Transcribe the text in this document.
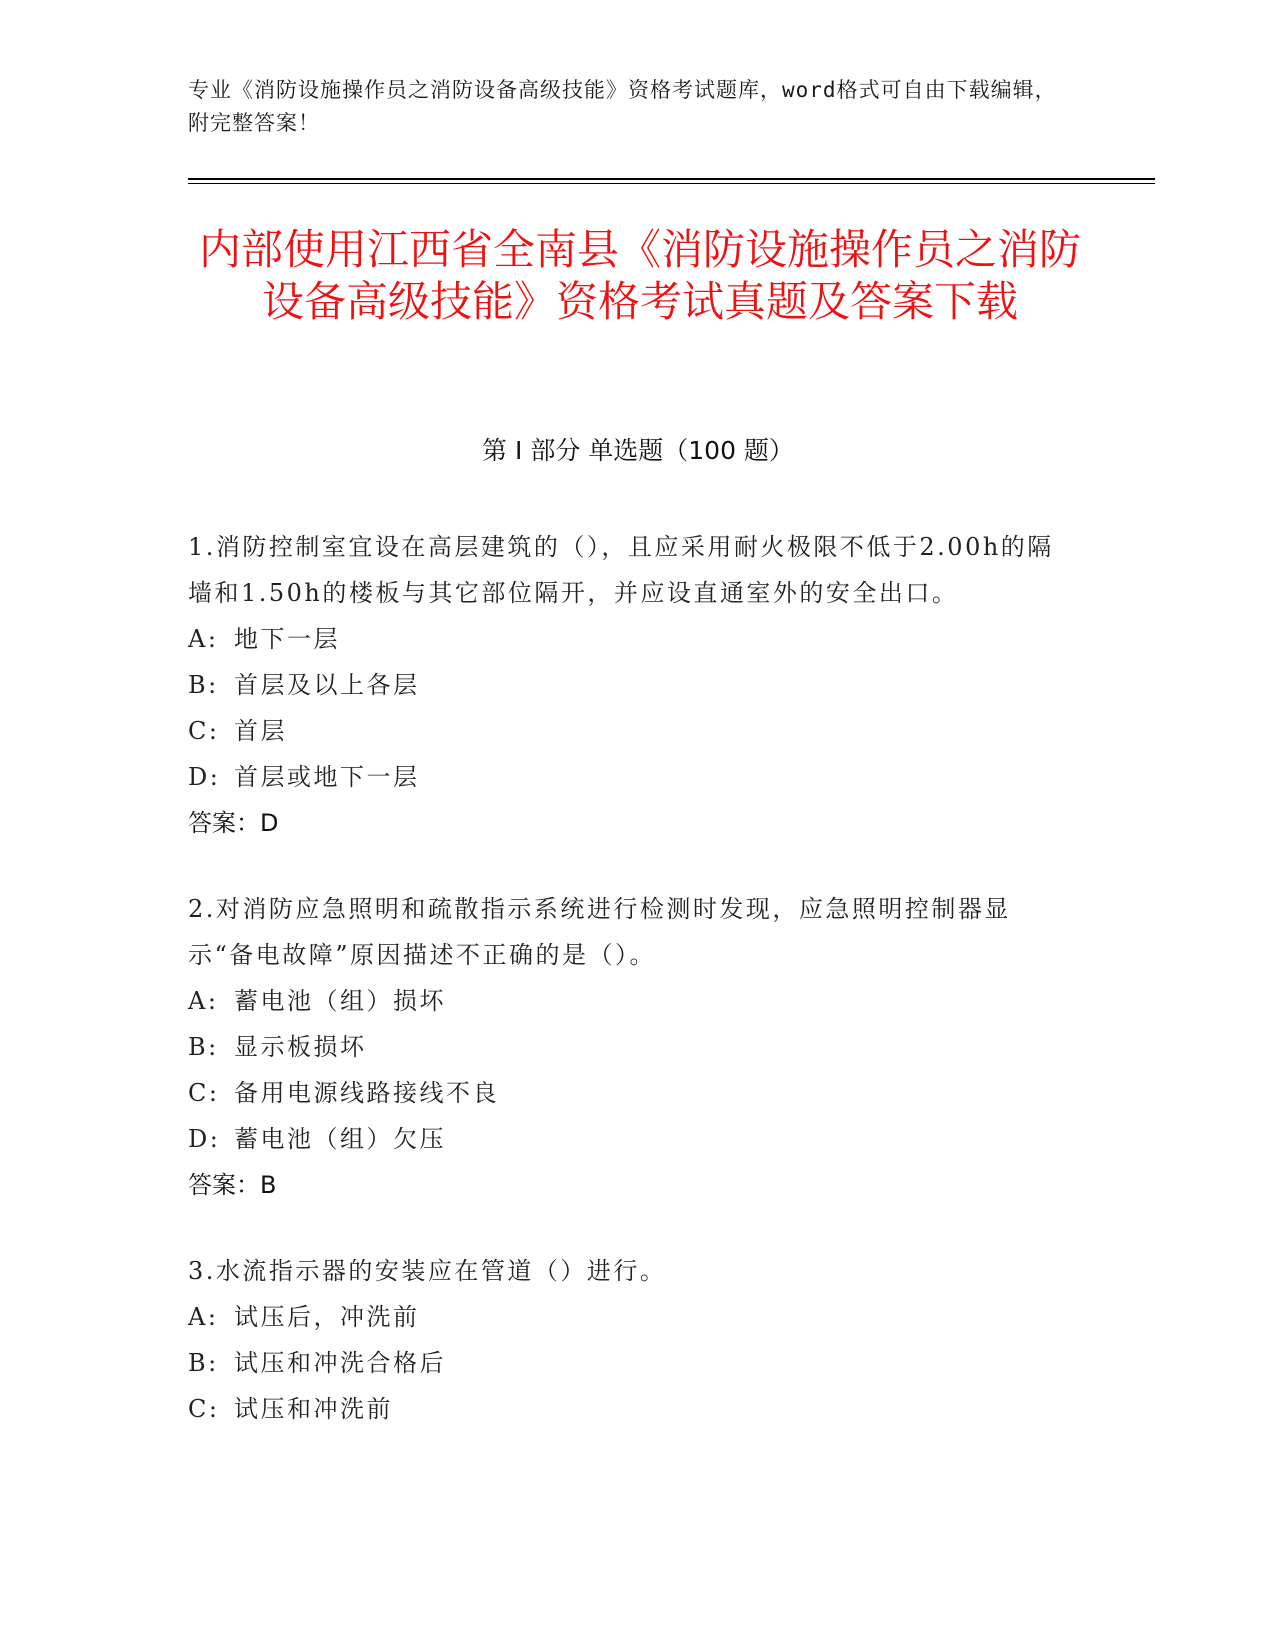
专业《消防设施操作员之消防设备高级技能》资格考试题库，word格式可自由下载编辑，附完整答案！
内部使用江西省全南县《消防设施操作员之消防设备高级技能》资格考试真题及答案下载
第 I 部分 单选题（100 题）

1.消防控制室宜设在高层建筑的（），且应采用耐火极限不低于2.00h的隔墙和1.50h的楼板与其它部位隔开，并应设直通室外的安全出口。

A: 地下一层

B: 首层及以上各层

C: 首层

D: 首层或地下一层

答案：D

2.对消防应急照明和疏散指示系统进行检测时发现，应急照明控制器显示“备电故障”原因描述不正确的是（）。

A: 蓄电池（组）损坏

B: 显示板损坏

C: 备用电源线路接线不良

D: 蓄电池（组）欠压

答案：B

3.水流指示器的安装应在管道（）进行。

A: 试压后，冲洗前

B: 试压和冲洗合格后

C: 试压和冲洗前
